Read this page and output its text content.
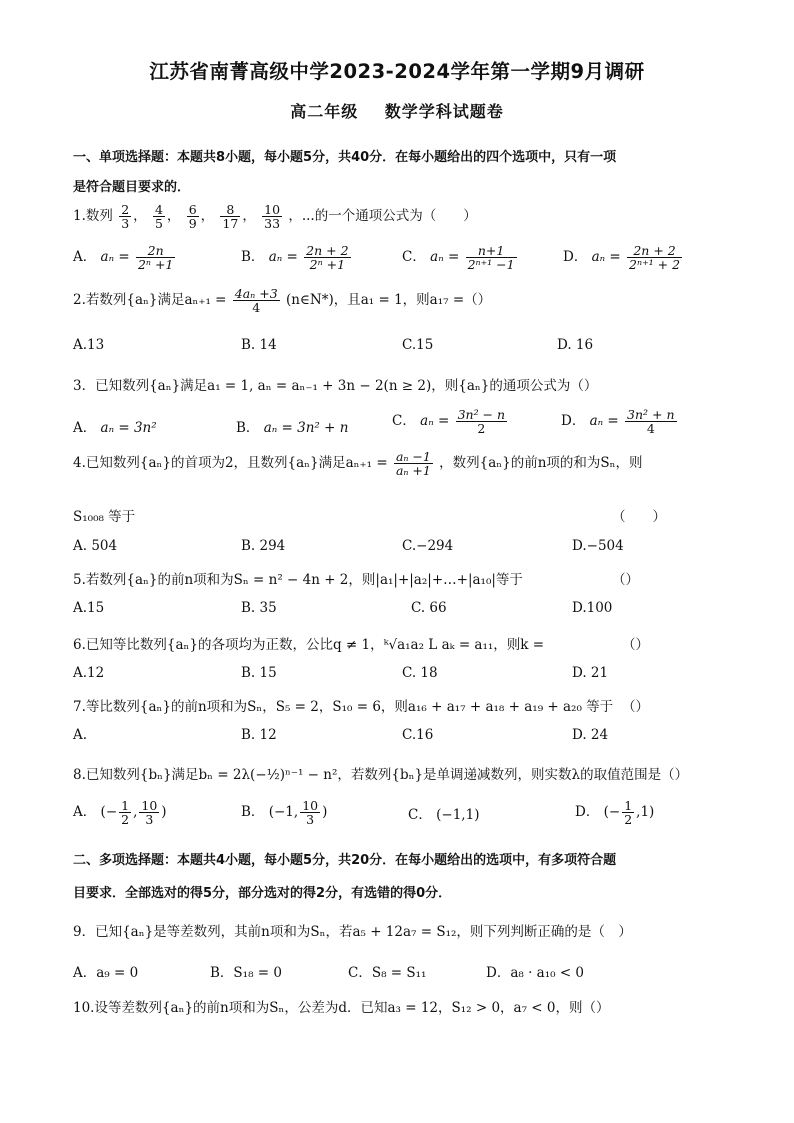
江苏省南菁高级中学2023-2024学年第一学期9月调研
高二年级 数学学科试题卷
一、单项选择题：本题共8小题，每小题5分，共40分．在每小题给出的四个选项中，只有一项
是符合题目要求的．
1.数列 $\frac{2}{3}$ ， $\frac{4}{5}$ ， $\frac{6}{9}$ ， $\frac{8}{17}$ ， $\frac{10}{33}$ ，...的一个通项公式为（　　）
A． $a_n = \frac{2n}{\text{2ⁿ +1}}$	B． $a_n = \frac{2n + 2}{\text{2ⁿ +1}}$	C． $a_n = \frac{n+1}{\text{2ⁿ⁺¹ −1}}$	D． $a_n = \frac{2n + 2}{\text{2ⁿ⁺¹ + 2}}$
2.若数列{aₙ}满足$a_{n+1} = \frac{\text{4aₙ +3}}{4}$ (n∈N*)，且a₁ = 1，则a₁₇ =（）
A.13	B. 14	C.15	D. 16
3．已知数列{aₙ}满足a₁ = 1, aₙ = aₙ₋₁ + 3n − 2(n ≥ 2)，则{aₙ}的通项公式为（）
A． aₙ = 3n²	B． aₙ = 3n² + n	C． $a_n = \frac{\text{3n² − n}}{2}$	D． $a_n = \frac{\text{3n² + n}}{4}$
4.已知数列{aₙ}的首项为2，且数列{aₙ}满足$a_{n+1} = \frac{\text{aₙ −1}}{\text{aₙ +1}}$ ，数列{aₙ}的前n项的和为Sₙ，则
S₁₀₀₈ 等于	（　　）
A. 504	B. 294	C.−294	D.−504
5.若数列{aₙ}的前n项和为Sₙ = n² − 4n + 2，则|a₁|+|a₂|+…+|a₁₀|等于	（）
A.15	B. 35	C. 66	D.100
6.已知等比数列{aₙ}的各项均为正数，公比q ≠ 1，ᵏ√a₁a₂ L aₖ = a₁₁，则k =	（）
A.12	B. 15	C. 18	D. 21
7.等比数列{aₙ}的前n项和为Sₙ，S₅ = 2，S₁₀ = 6，则a₁₆ + a₁₇ + a₁₈ + a₁₉ + a₂₀ 等于 （）
A.	B. 12	C.16	D. 24
8.已知数列{bₙ}满足bₙ = 2λ(−½)ⁿ⁻¹ − n²，若数列{bₙ}是单调递减数列，则实数λ的取值范围是（）
A． (− $\frac{1}{2}$ , $\frac{10}{3}$ )	B． (−1, $\frac{10}{3}$ )	C． (−1,1)	D． (− $\frac{1}{2} ,1$)
二、多项选择题：本题共4小题，每小题5分，共20分．在每小题给出的选项中，有多项符合题
目要求．全部选对的得5分，部分选对的得2分，有选错的得0分．
9．已知{aₙ}是等差数列，其前n项和为Sₙ，若a₅ + 12a₇ = S₁₂，则下列判断正确的是（　）
A．a₉ = 0	B．S₁₈ = 0	C．S₈ = S₁₁	D．a₈ · a₁₀ < 0
10.设等差数列{aₙ}的前n项和为Sₙ，公差为d．已知a₃ = 12，S₁₂ > 0，a₇ < 0，则（）
